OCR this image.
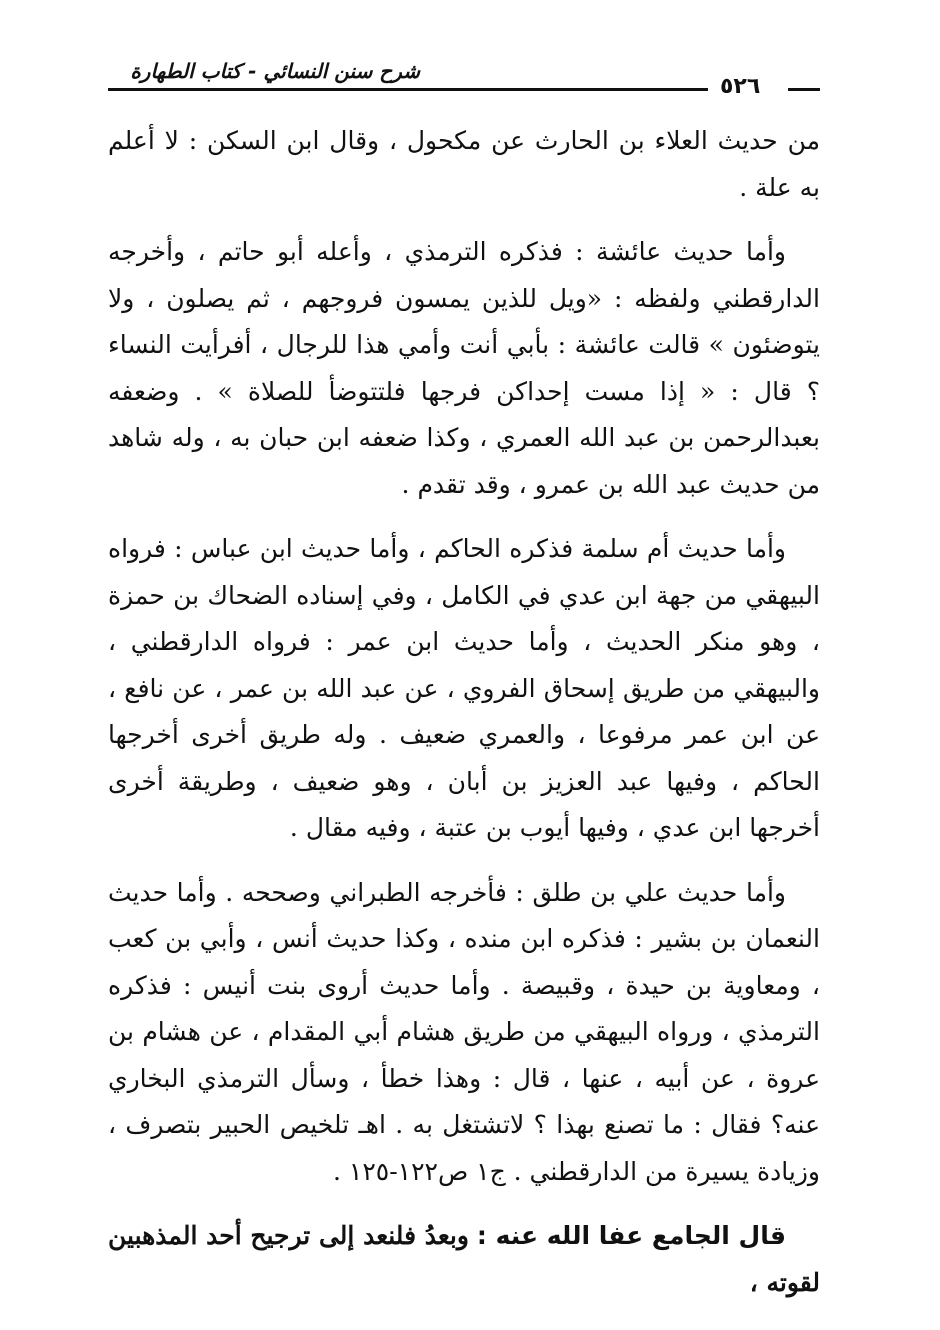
شرح سنن النسائي - كتاب الطهارة
٥٢٦

من حديث العلاء بن الحارث عن مكحول ، وقال ابن السكن : لا أعلم به علة .

وأما حديث عائشة : فذكره الترمذي ، وأعله أبو حاتم ، وأخرجه الدارقطني ولفظه : «ويل للذين يمسون فروجهم ، ثم يصلون ، ولا يتوضئون » قالت عائشة : بأبي أنت وأمي هذا للرجال ، أفرأيت النساء ؟ قال : « إذا مست إحداكن فرجها فلتتوضأ للصلاة » . وضعفه بعبدالرحمن بن عبد الله العمري ، وكذا ضعفه ابن حبان به ، وله شاهد من حديث عبد الله بن عمرو ، وقد تقدم .

وأما حديث أم سلمة فذكره الحاكم ، وأما حديث ابن عباس : فرواه البيهقي من جهة ابن عدي في الكامل ، وفي إسناده الضحاك بن حمزة ، وهو منكر الحديث ، وأما حديث ابن عمر : فرواه الدارقطني ، والبيهقي من طريق إسحاق الفروي ، عن عبد الله بن عمر ، عن نافع ، عن ابن عمر مرفوعا ، والعمري ضعيف . وله طريق أخرى أخرجها الحاكم ، وفيها عبد العزيز بن أبان ، وهو ضعيف ، وطريقة أخرى أخرجها ابن عدي ، وفيها أيوب بن عتبة ، وفيه مقال .

وأما حديث علي بن طلق : فأخرجه الطبراني وصححه . وأما حديث النعمان بن بشير : فذكره ابن منده ، وكذا حديث أنس ، وأبي بن كعب ، ومعاوية بن حيدة ، وقبيصة . وأما حديث أروى بنت أنيس : فذكره الترمذي ، ورواه البيهقي من طريق هشام أبي المقدام ، عن هشام بن عروة ، عن أبيه ، عنها ، قال : وهذا خطأ ، وسأل الترمذي البخاري عنه؟ فقال : ما تصنع بهذا ؟ لاتشتغل به . اهـ تلخيص الحبير بتصرف ، وزيادة يسيرة من الدارقطني . ج١ ص١٢٢-١٢٥ .

قال الجامع عفا الله عنه : وبعدُ فلنعد إلى ترجيح أحد المذهبين لقوته ،
